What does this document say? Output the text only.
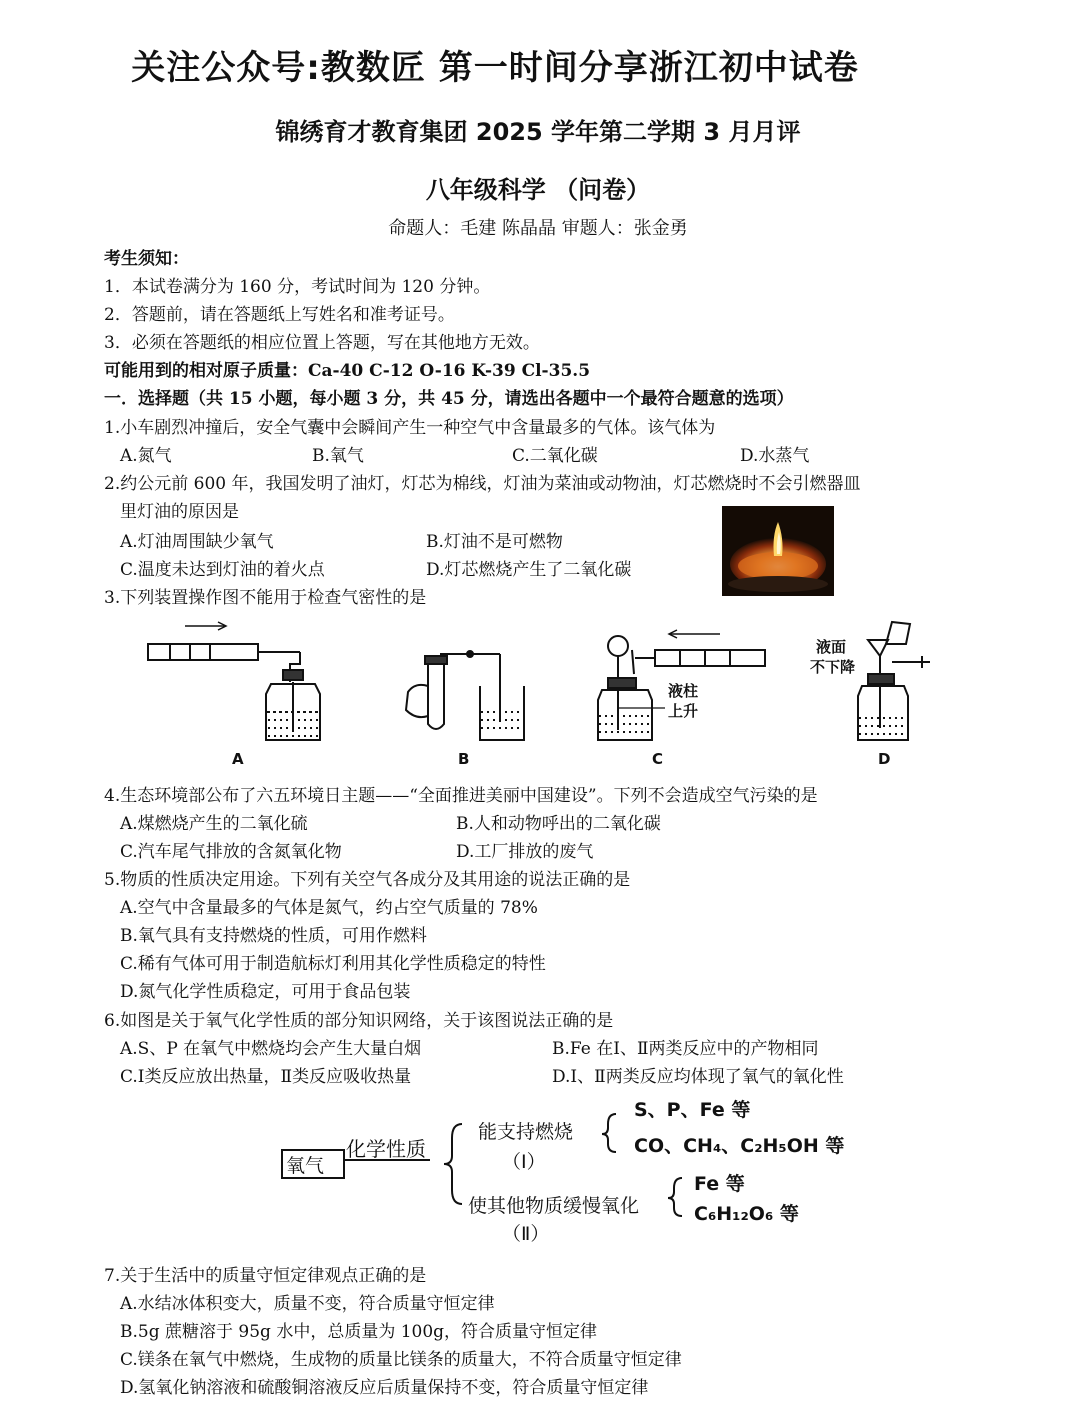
关注公众号:教数匠 第一时间分享浙江初中试卷
锦绣育才教育集团 2025 学年第二学期 3 月月评
八年级科学 （问卷）
命题人：毛建 陈晶晶 审题人：张金勇
考生须知：
1．本试卷满分为 160 分，考试时间为 120 分钟。
2．答题前，请在答题纸上写姓名和准考证号。
3．必须在答题纸的相应位置上答题，写在其他地方无效。
可能用到的相对原子质量：Ca-40 C-12 O-16 K-39 Cl-35.5
一．选择题（共 15 小题，每小题 3 分，共 45 分，请选出各题中一个最符合题意的选项）
1.小车剧烈冲撞后，安全气囊中会瞬间产生一种空气中含量最多的气体。该气体为
A.氮气	B.氧气	C.二氧化碳	D.水蒸气
2.约公元前 600 年，我国发明了油灯，灯芯为棉线，灯油为菜油或动物油，灯芯燃烧时不会引燃器皿
里灯油的原因是
A.灯油周围缺少氧气	B.灯油不是可燃物
C.温度未达到灯油的着火点	D.灯芯燃烧产生了二氧化碳
3.下列装置操作图不能用于检查气密性的是
A	B	C	D
液柱
上升
液面
不下降
4.生态环境部公布了六五环境日主题——“全面推进美丽中国建设”。下列不会造成空气污染的是
A.煤燃烧产生的二氧化硫	B.人和动物呼出的二氧化碳
C.汽车尾气排放的含氮氧化物	D.工厂排放的废气
5.物质的性质决定用途。下列有关空气各成分及其用途的说法正确的是
A.空气中含量最多的气体是氮气，约占空气质量的 78%
B.氧气具有支持燃烧的性质，可用作燃料
C.稀有气体可用于制造航标灯利用其化学性质稳定的特性
D.氮气化学性质稳定，可用于食品包装
6.如图是关于氧气化学性质的部分知识网络，关于该图说法正确的是
A.S、P 在氧气中燃烧均会产生大量白烟	B.Fe 在Ⅰ、Ⅱ两类反应中的产物相同
C.Ⅰ类反应放出热量，Ⅱ类反应吸收热量	D.Ⅰ、Ⅱ两类反应均体现了氧气的氧化性
氧气
化学性质
能支持燃烧
（Ⅰ）
S、P、Fe 等
CO、CH₄、C₂H₅OH 等
使其他物质缓慢氧化
（Ⅱ）
Fe 等
C₆H₁₂O₆ 等
7.关于生活中的质量守恒定律观点正确的是
A.水结冰体积变大，质量不变，符合质量守恒定律
B.5g 蔗糖溶于 95g 水中，总质量为 100g，符合质量守恒定律
C.镁条在氧气中燃烧，生成物的质量比镁条的质量大，不符合质量守恒定律
D.氢氧化钠溶液和硫酸铜溶液反应后质量保持不变，符合质量守恒定律
